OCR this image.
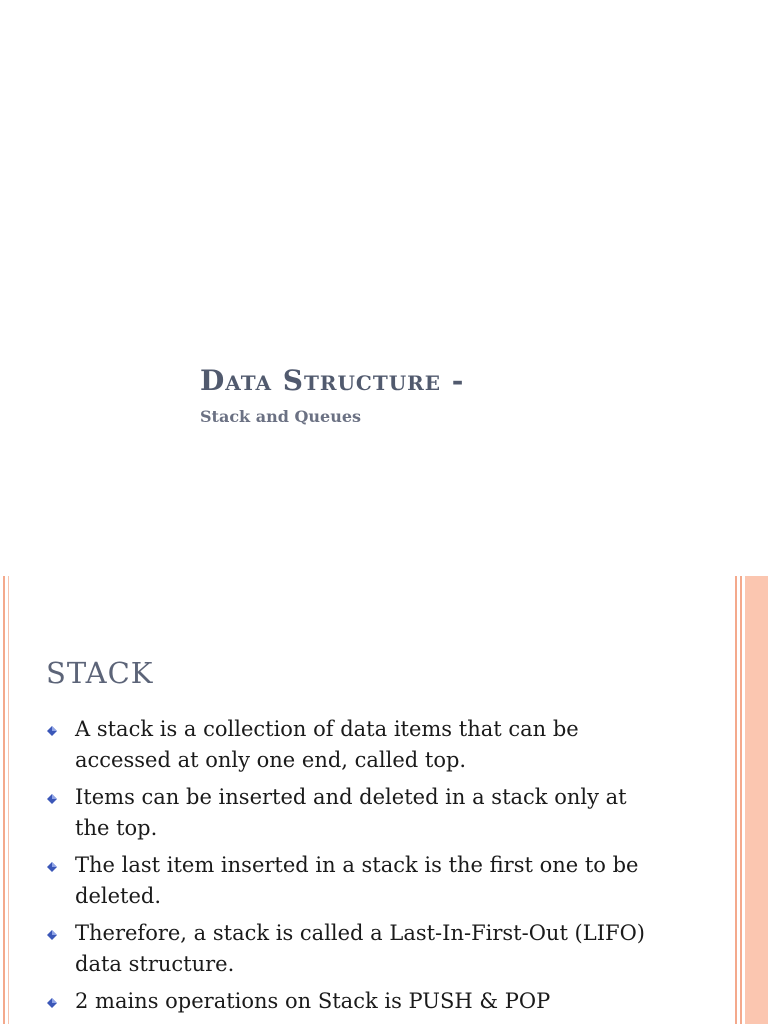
Data Structure -
Stack and Queues
STACK
A stack is a collection of data items that can be accessed at only one end, called top.
Items can be inserted and deleted in a stack only at the top.
The last item inserted in a stack is the first one to be deleted.
Therefore, a stack is called a Last-In-First-Out (LIFO) data structure.
2 mains operations on Stack is PUSH & POP
